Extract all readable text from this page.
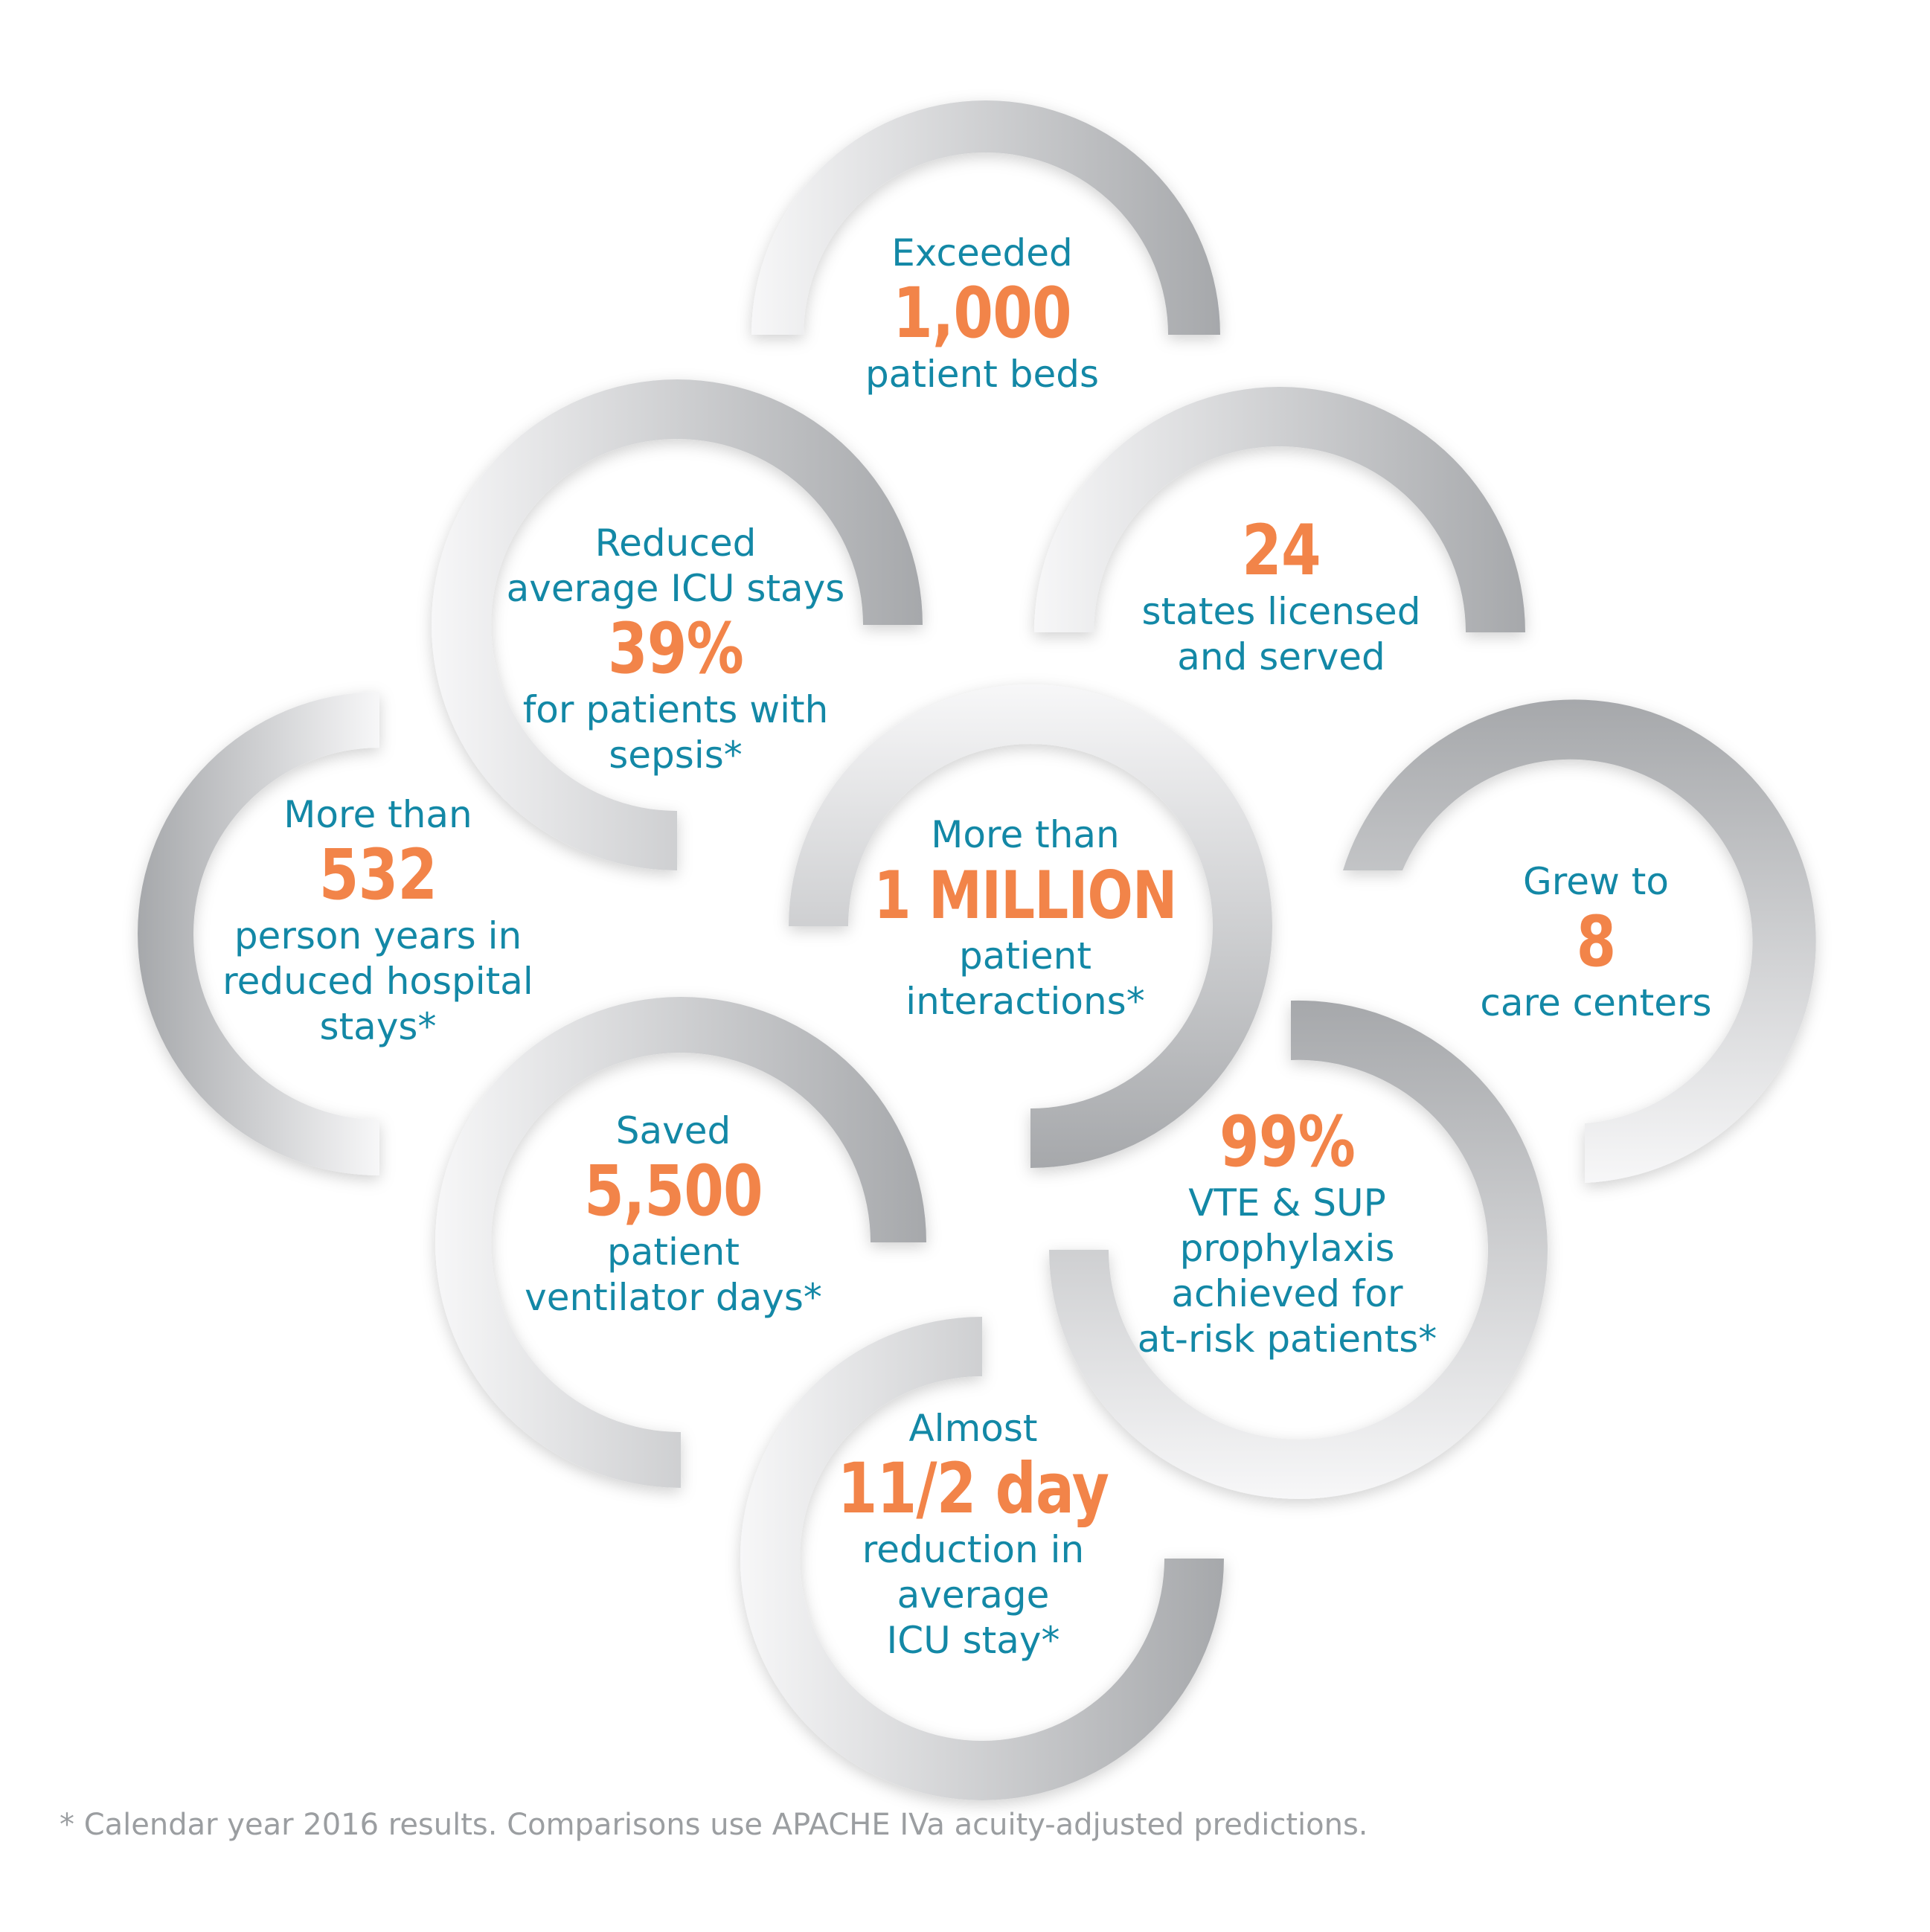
Exceeded
1,000
patient beds
Reduced
average ICU stays
39%
for patients with
sepsis*
24
states licensed
and served
More than
532
person years in
reduced hospital
stays*
More than
1 MILLION
patient
interactions*
Grew to
8
care centers
Saved
5,500
patient
ventilator days*
99%
VTE & SUP
prophylaxis
achieved for
at-risk patients*
Almost
11/2 day
reduction in
average
ICU stay*
* Calendar year 2016 results. Comparisons use APACHE IVa acuity-adjusted predictions.
